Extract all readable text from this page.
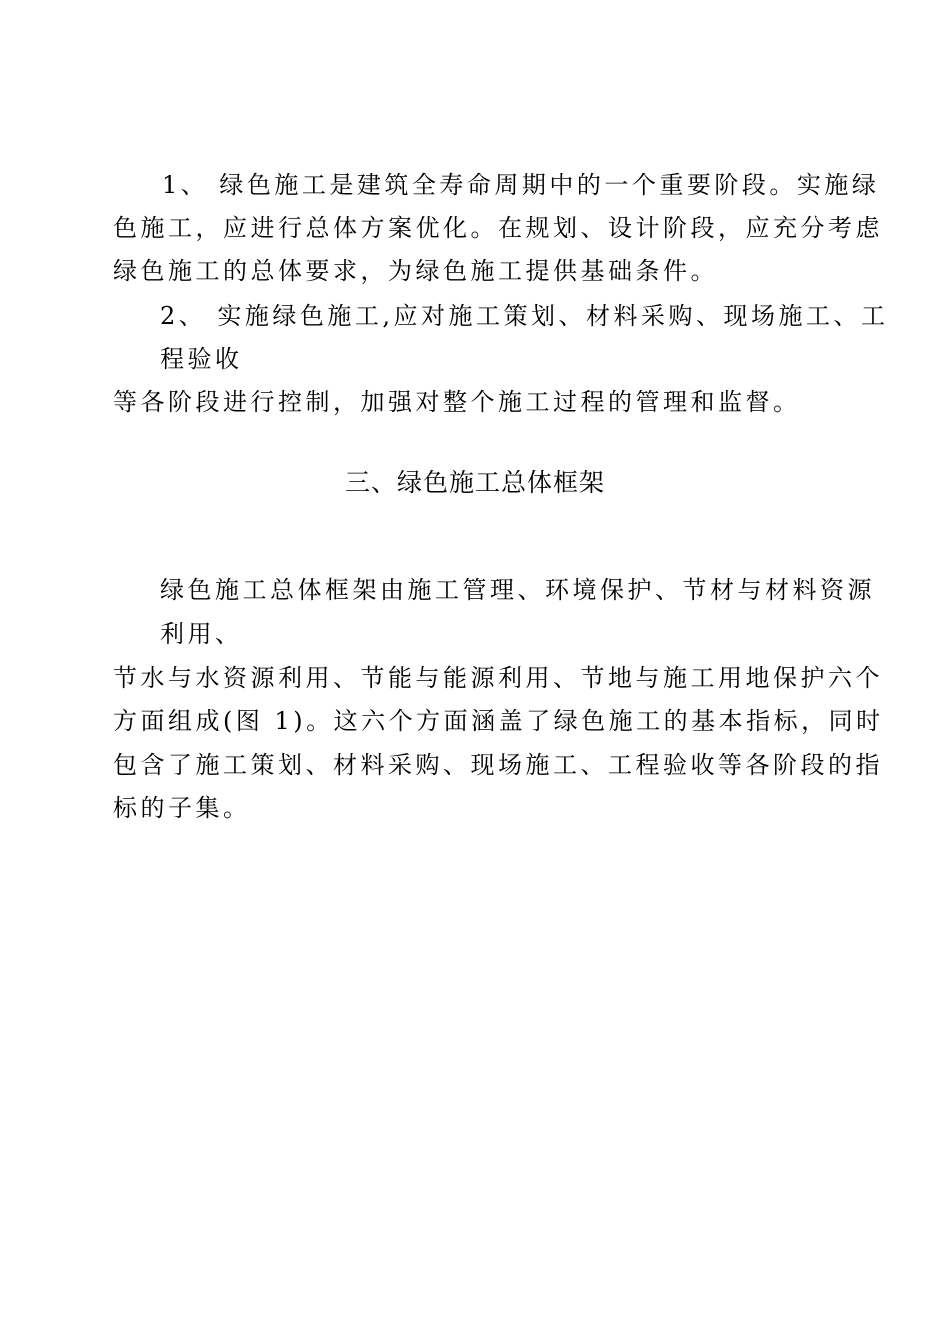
1、 绿色施工是建筑全寿命周期中的一个重要阶段。实施绿
色施工，应进行总体方案优化。在规划、设计阶段，应充分考虑
绿色施工的总体要求，为绿色施工提供基础条件。
2、 实施绿色施工,应对施工策划、材料采购、现场施工、工
程验收
等各阶段进行控制，加强对整个施工过程的管理和监督。
三、绿色施工总体框架
绿色施工总体框架由施工管理、环境保护、节材与材料资源
利用、
节水与水资源利用、节能与能源利用、节地与施工用地保护六个
方面组成(图 1)。这六个方面涵盖了绿色施工的基本指标，同时
包含了施工策划、材料采购、现场施工、工程验收等各阶段的指
标的子集。
